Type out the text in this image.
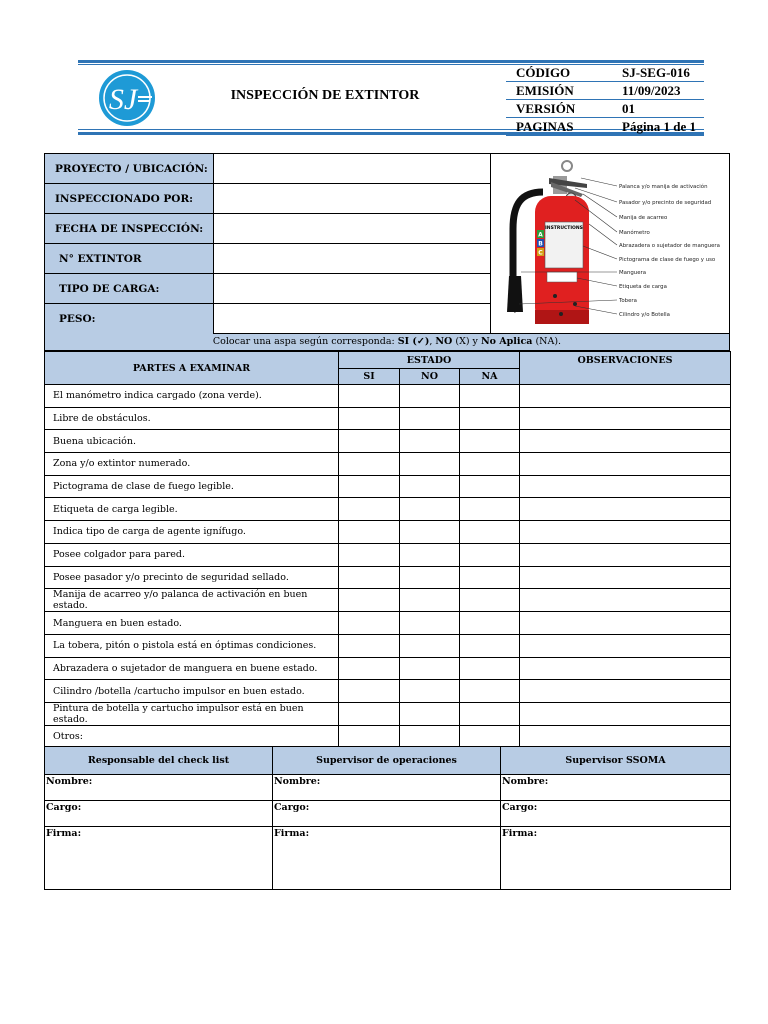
SJ	INSPECCIÓN DE EXTINTOR
CÓDIGO	SJ-SEG-016
EMISIÓN	11/09/2023
VERSIÓN	01
PAGINAS	Página 1 de 1
PROYECTO / UBICACIÓN:
INSPECCIONADO POR:
FECHA DE INSPECCIÓN:
N° EXTINTOR
TIPO DE CARGA:
PESO:
INSTRUCTIONS
A
B
C
Palanca y/o manija de activación
Pasador y/o precinto de seguridad
Manija de acarreo
Manómetro
Abrazadera o sujetador de manguera
Pictograma de clase de fuego y uso
Manguera
Etiqueta de carga
Tobera
Cilindro y/o Botella
Colocar una aspa según corresponda: SI (✓), NO (X) y No Aplica (NA).
PARTES A EXAMINAR	ESTADO			OBSERVACIONES
	SI	NO	NA	
El manómetro indica cargado (zona verde).				
Libre de obstáculos.				
Buena ubicación.				
Zona y/o extintor numerado.				
Pictograma de clase de fuego legible.				
Etiqueta de carga legible.				
Indica tipo de carga de agente ignífugo.				
Posee colgador para pared.				
Posee pasador y/o precinto de seguridad sellado.				
Manija de acarreo y/o palanca de activación en buen estado.				
Manguera en buen estado.				
La tobera, pitón o pistola está en óptimas condiciones.				
Abrazadera o sujetador de manguera en buene estado.				
Cilindro /botella /cartucho impulsor en buen estado.				
Pintura de botella y cartucho impulsor está en buen estado.				
Otros:				
Responsable del check list	Supervisor de operaciones	Supervisor SSOMA
Nombre:	Nombre:	Nombre:
Cargo:	Cargo:	Cargo:
Firma:	Firma:	Firma:
